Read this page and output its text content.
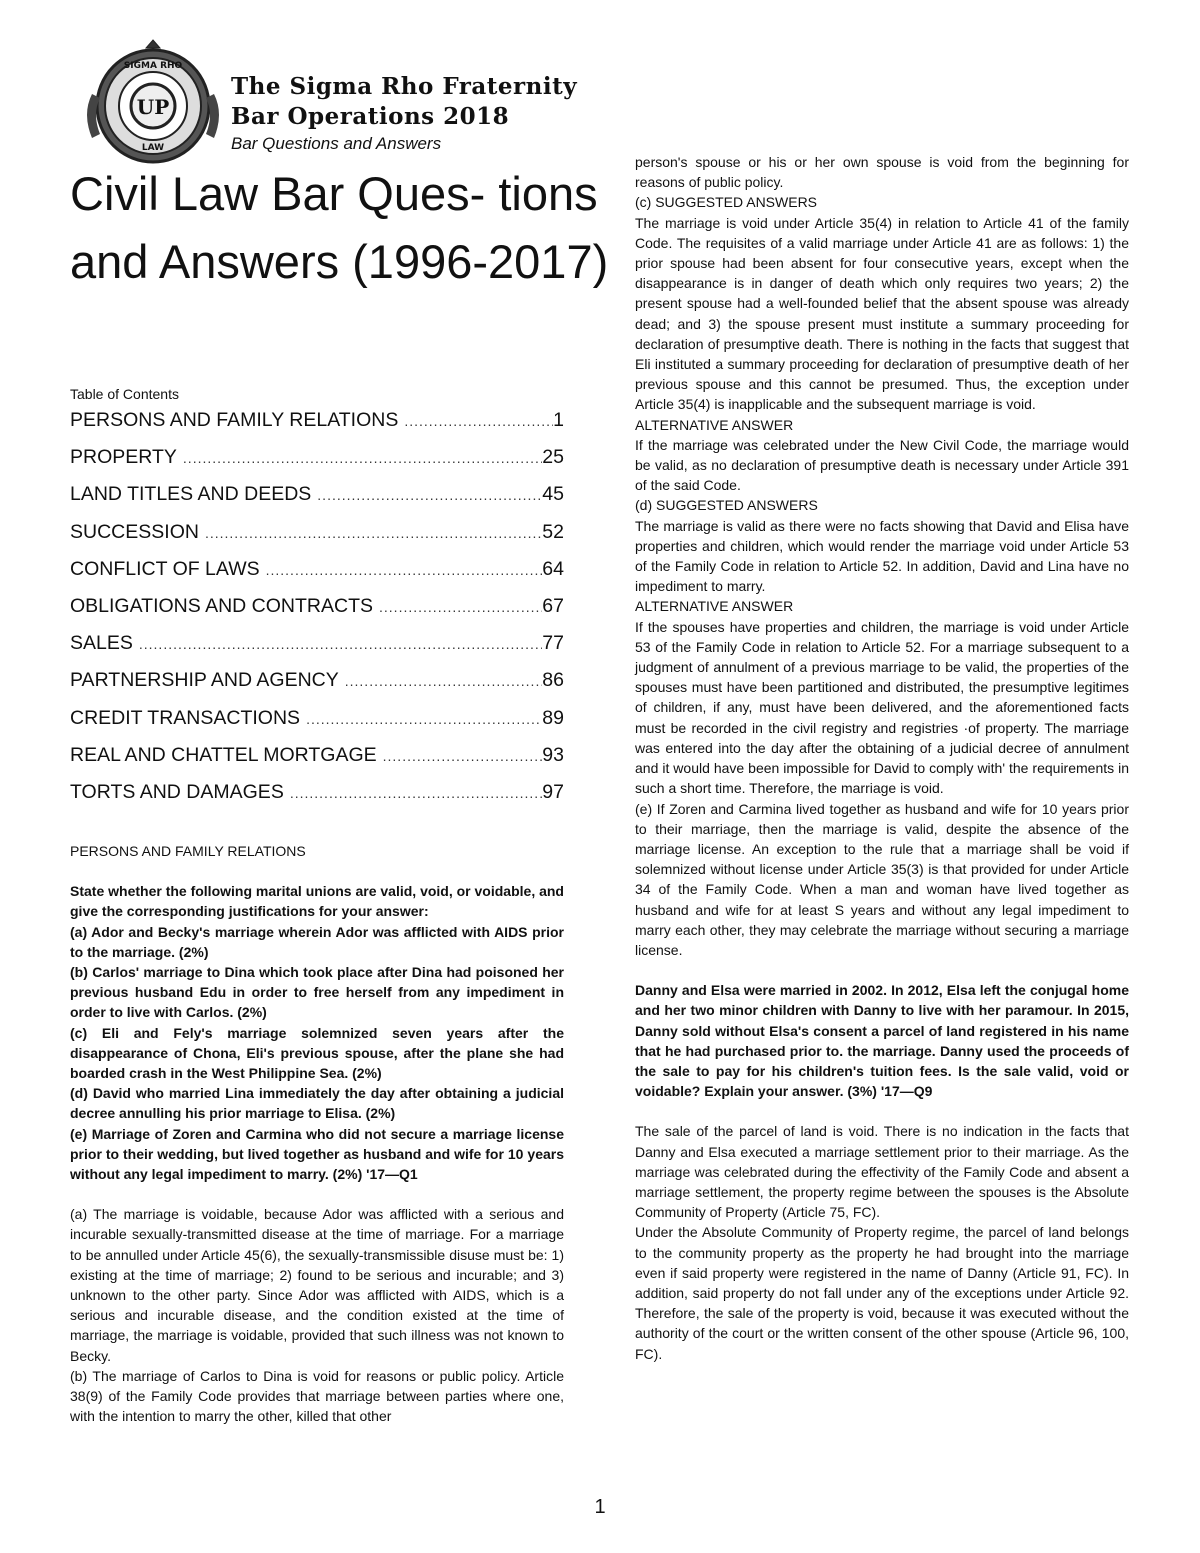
UP
SIGMA RHO
LAW
The Sigma Rho Fraternity
Bar Operations 2018
Bar Questions and Answers
Civil Law Bar Ques- tions and Answers (1996-2017)
Table of Contents
PERSONS AND FAMILY RELATIONS .....	1
PROPERTY .....	25
LAND TITLES AND DEEDS .....	45
SUCCESSION .....	52
CONFLICT OF LAWS .....	64
OBLIGATIONS AND CONTRACTS .....	67
SALES .....	77
PARTNERSHIP AND AGENCY .....	86
CREDIT TRANSACTIONS .....	89
REAL AND CHATTEL MORTGAGE .....	93
TORTS AND DAMAGES .....	97

PERSONS AND FAMILY RELATIONS

State whether the following marital unions are valid, void, or voidable, and give the corresponding justifications for your answer:

(a) Ador and Becky's marriage wherein Ador was afflicted with AIDS prior to the marriage. (2%)

(b) Carlos' marriage to Dina which took place after Dina had poisoned her previous husband Edu in order to free herself from any impediment in order to live with Carlos. (2%)

(c) Eli and Fely's marriage solemnized seven years after the disappearance of Chona, Eli's previous spouse, after the plane she had boarded crash in the West Philippine Sea. (2%)

(d) David who married Lina immediately the day after obtaining a judicial decree annulling his prior marriage to Elisa. (2%)

(e) Marriage of Zoren and Carmina who did not secure a marriage license prior to their wedding, but lived together as husband and wife for 10 years without any legal impediment to marry. (2%) '17—Q1

(a) The marriage is voidable, because Ador was afflicted with a serious and incurable sexually-transmitted disease at the time of marriage. For a marriage to be annulled under Article 45(6), the sexually-transmissible disuse must be: 1) existing at the time of marriage; 2) found to be serious and incurable; and 3) unknown to the other party. Since Ador was afflicted with AIDS, which is a serious and incurable disease, and the condition existed at the time of marriage, the marriage is voidable, provided that such illness was not known to Becky.

(b) The marriage of Carlos to Dina is void for reasons or public policy. Article 38(9) of the Family Code provides that marriage between parties where one, with the intention to marry the other, killed that other

person's spouse or his or her own spouse is void from the beginning for reasons of public policy.

(c) SUGGESTED ANSWERS

The marriage is void under Article 35(4) in relation to Article 41 of the family Code. The requisites of a valid marriage under Article 41 are as follows: 1) the prior spouse had been absent for four consecutive years, except when the disappearance is in danger of death which only requires two years; 2) the present spouse had a well-founded belief that the absent spouse was already dead; and 3) the spouse present must institute a summary proceeding for declaration of presumptive death. There is nothing in the facts that suggest that Eli instituted a summary proceeding for declaration of presumptive death of her previous spouse and this cannot be presumed. Thus, the exception under Article 35(4) is inapplicable and the subsequent marriage is void.

ALTERNATIVE ANSWER

If the marriage was celebrated under the New Civil Code, the marriage would be valid, as no declaration of presumptive death is necessary under Article 391 of the said Code.

(d) SUGGESTED ANSWERS

The marriage is valid as there were no facts showing that David and Elisa have properties and children, which would render the marriage void under Article 53 of the Family Code in relation to Article 52. In addition, David and Lina have no impediment to marry.

ALTERNATIVE ANSWER

If the spouses have properties and children, the marriage is void under Article 53 of the Family Code in relation to Article 52. For a marriage subsequent to a judgment of annulment of a previous marriage to be valid, the properties of the spouses must have been partitioned and distributed, the presumptive legitimes of children, if any, must have been delivered, and the aforementioned facts must be recorded in the civil registry and registries ·of property. The marriage was entered into the day after the obtaining of a judicial decree of annulment and it would have been impossible for David to comply with' the requirements in such a short time. Therefore, the marriage is void.

(e) If Zoren and Carmina lived together as husband and wife for 10 years prior to their marriage, then the marriage is valid, despite the absence of the marriage license. An exception to the rule that a marriage shall be void if solemnized without license under Article 35(3) is that provided for under Article 34 of the Family Code. When a man and woman have lived together as husband and wife for at least S years and without any legal impediment to marry each other, they may celebrate the marriage without securing a marriage license.

Danny and Elsa were married in 2002. In 2012, Elsa left the conjugal home and her two minor children with Danny to live with her paramour. In 2015, Danny sold without Elsa's consent a parcel of land registered in his name that he had purchased prior to. the marriage. Danny used the proceeds of the sale to pay for his children's tuition fees. Is the sale valid, void or voidable? Explain your answer. (3%) '17—Q9

The sale of the parcel of land is void. There is no indication in the facts that Danny and Elsa executed a marriage settlement prior to their marriage. As the marriage was celebrated during the effectivity of the Family Code and absent a marriage settlement, the property regime between the spouses is the Absolute Community of Property (Article 75, FC).

Under the Absolute Community of Property regime, the parcel of land belongs to the community property as the property he had brought into the marriage even if said property were registered in the name of Danny (Article 91, FC). In addition, said property do not fall under any of the exceptions under Article 92. Therefore, the sale of the property is void, because it was executed without the authority of the court or the written consent of the other spouse (Article 96, 100, FC).

1
